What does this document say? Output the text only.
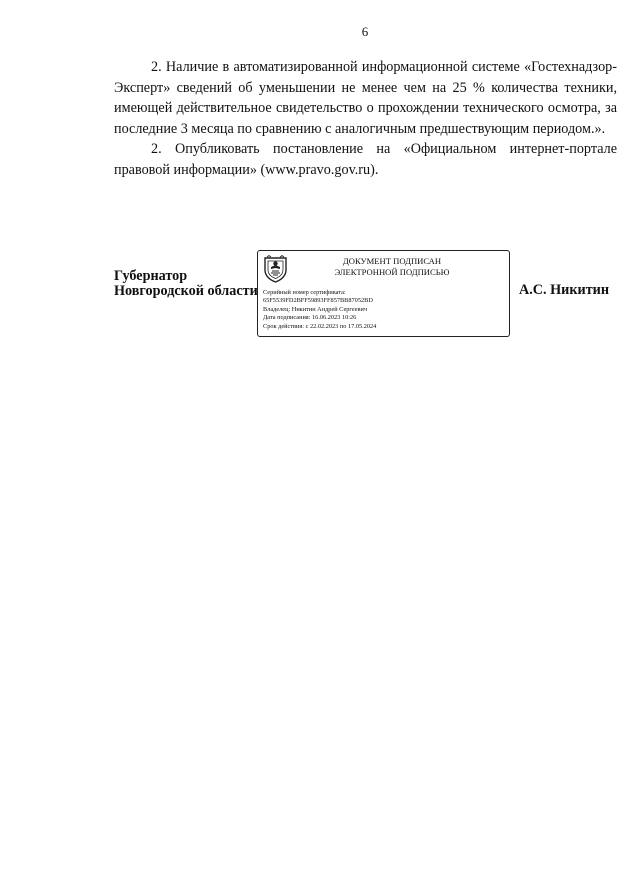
6

2. Наличие в автоматизированной информационной системе «Гостехнадзор-Эксперт» сведений об уменьшении не менее чем на 25 % количества техники, имеющей действительное свидетельство о прохождении технического осмотра, за последние 3 месяца по сравнению с аналогичным предшествующим периодом.».

2. Опубликовать постановление на «Официальном интернет-портале правовой информации» (www.pravo.gov.ru).

Губернатор
Новгородской области
ДОКУМЕНТ ПОДПИСАН
ЭЛЕКТРОННОЙ ПОДПИСЬЮ
Серийный номер сертификата:
65F5539FD2BFF59893FF857BB87052BD
Владелец: Никитин Андрей Сергеевич
Дата подписания: 16.06.2023 10:26
Срок действия: с 22.02.2023 по 17.05.2024
А.С. Никитин
